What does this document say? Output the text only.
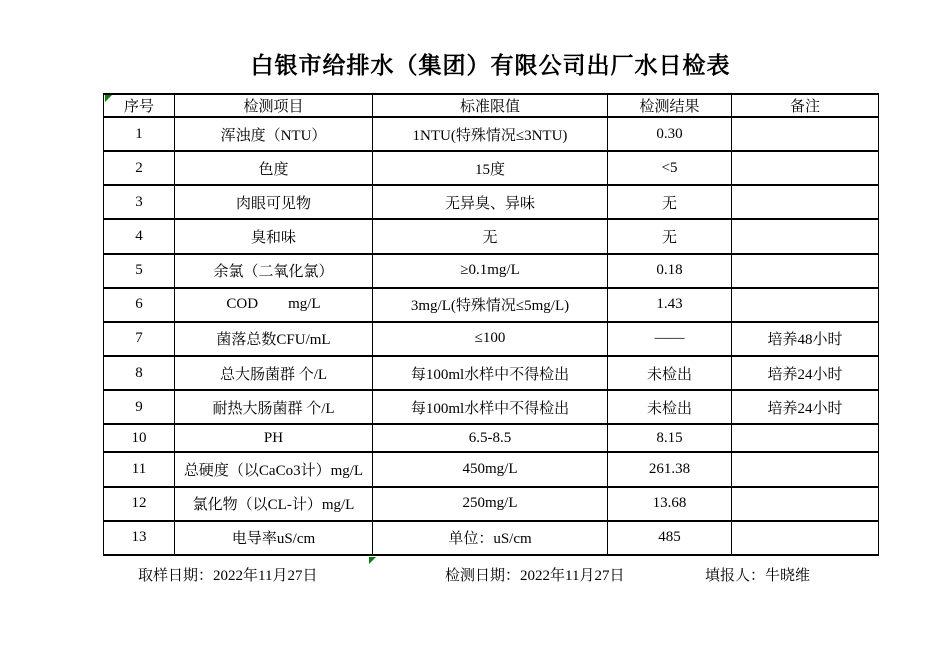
白银市给排水（集团）有限公司出厂水日检表
序号	检测项目	标准限值	检测结果	备注
1	浑浊度（NTU）	1NTU(特殊情况≤3NTU)	0.30	
2	色度	15度	<5	
3	肉眼可见物	无异臭、异味	无	
4	臭和味	无	无	
5	余氯（二氧化氯）	≥0.1mg/L	0.18	
6	COD        mg/L	3mg/L(特殊情况≤5mg/L)	1.43	
7	菌落总数CFU/mL	≤100	——	培养48小时
8	总大肠菌群 个/L	每100ml水样中不得检出	未检出	培养24小时
9	耐热大肠菌群 个/L	每100ml水样中不得检出	未检出	培养24小时
10	PH	6.5-8.5	8.15	
11	总硬度（以CaCo3计）mg/L	450mg/L	261.38	
12	氯化物（以CL-计）mg/L	250mg/L	13.68	
13	电导率uS/cm	单位：uS/cm	485	
取样日期：2022年11月27日	检测日期：2022年11月27日	填报人：牛晓维
